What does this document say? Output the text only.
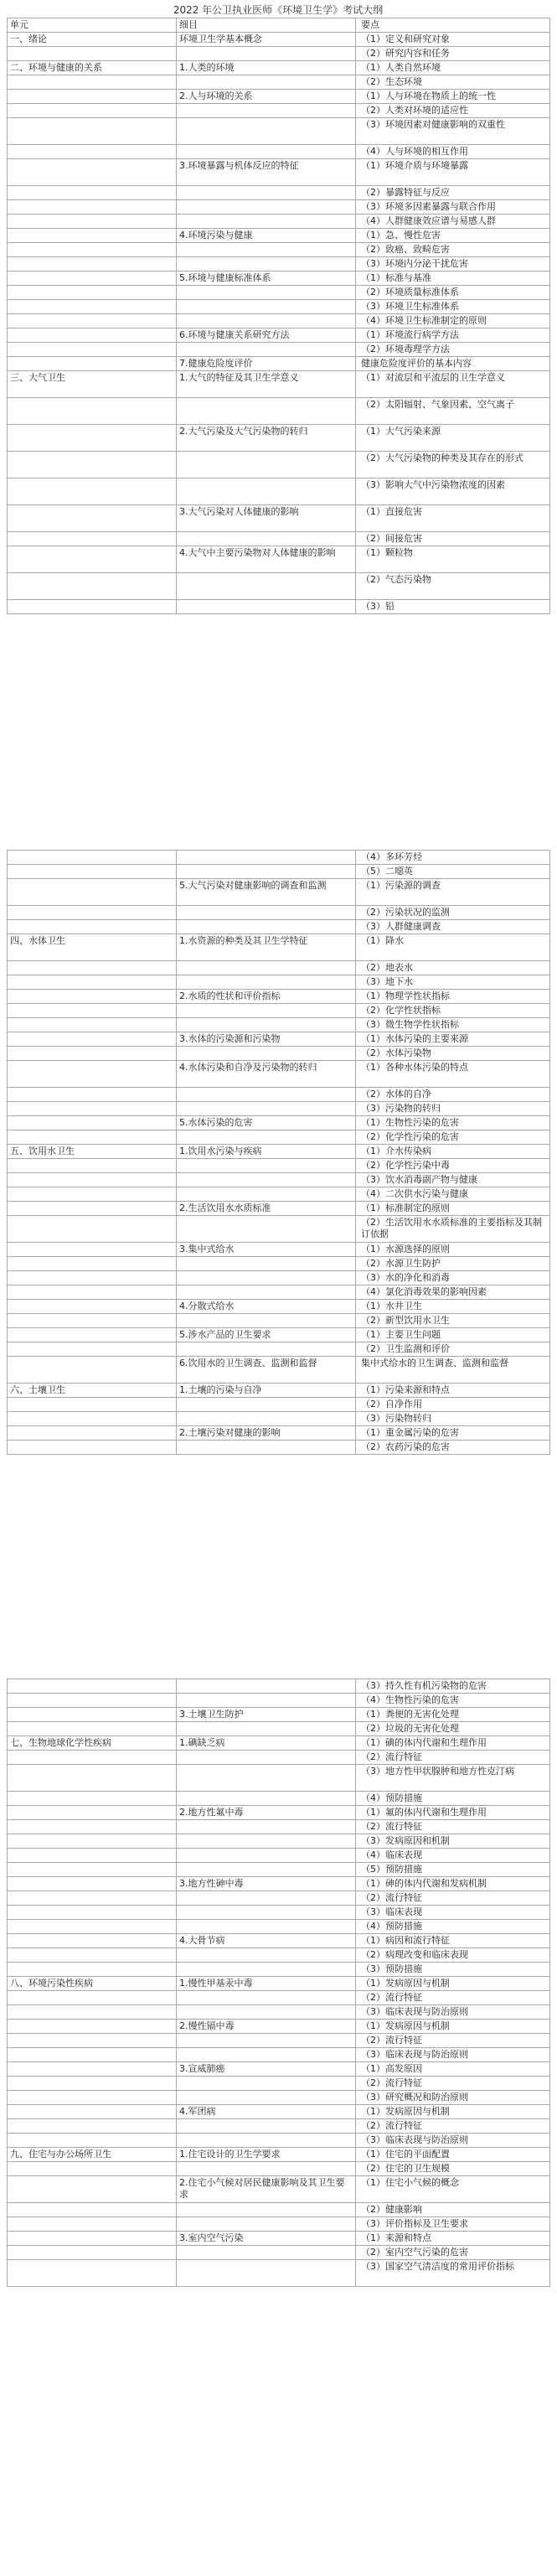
2022 年公卫执业医师《环境卫生学》考试大纲
单元	细目	要点
一、绪论	环境卫生学基本概念	（1）定义和研究对象
		（2）研究内容和任务
二、环境与健康的关系	1.人类的环境	（1）人类自然环境
		（2）生态环境
	2.人与环境的关系	（1）人与环境在物质上的统一性
		（2）人类对环境的适应性
		（3）环境因素对健康影响的双重性
		（4）人与环境的相互作用
	3.环境暴露与机体反应的特征	（1）环境介质与环境暴露
		（2）暴露特征与反应
		（3）环境多因素暴露与联合作用
		（4）人群健康效应谱与易感人群
	4.环境污染与健康	（1）急、慢性危害
		（2）致癌、致畸危害
		（3）环境内分泌干扰危害
	5.环境与健康标准体系	（1）标准与基准
		（2）环境质量标准体系
		（3）环境卫生标准体系
		（4）环境卫生标准制定的原则
	6.环境与健康关系研究方法	（1）环境流行病学方法
		（2）环境毒理学方法
	7.健康危险度评价	健康危险度评价的基本内容
三、大气卫生	1.大气的特征及其卫生学意义	（1）对流层和平流层的卫生学意义
		（2）太阳辐射、气象因素、空气离子
	2.大气污染及大气污染物的转归	（1）大气污染来源
		（2）大气污染物的种类及其存在的形式
		（3）影响大气中污染物浓度的因素
	3.大气污染对人体健康的影响	（1）直接危害
		（2）间接危害
	4.大气中主要污染物对人体健康的影响	（1）颗粒物
		（2）气态污染物
		（3）铅
		（4）多环芳烃
		（5）二噁英
	5.大气污染对健康影响的调查和监测	（1）污染源的调查
		（2）污染状况的监测
		（3）人群健康调查
四、水体卫生	1.水资源的种类及其卫生学特征	（1）降水
		（2）地表水
		（3）地下水
	2.水质的性状和评价指标	（1）物理学性状指标
		（2）化学性状指标
		（3）微生物学性状指标
	3.水体的污染源和污染物	（1）水体污染的主要来源
		（2）水体污染物
	4.水体污染和自净及污染物的转归	（1）各种水体污染的特点
		（2）水体的自净
		（3）污染物的转归
	5.水体污染的危害	（1）生物性污染的危害
		（2）化学性污染的危害
五、饮用水卫生	1.饮用水污染与疾病	（1）介水传染病
		（2）化学性污染中毒
		（3）饮水消毒副产物与健康
		（4）二次供水污染与健康
	2.生活饮用水水质标准	（1）标准制定的原则
		（2）生活饮用水水质标准的主要指标及其制订依据
	3.集中式给水	（1）水源选择的原则
		（2）水源卫生防护
		（3）水的净化和消毒
		（4）氯化消毒效果的影响因素
	4.分散式给水	（1）水井卫生
		（2）新型饮用水卫生
	5.涉水产品的卫生要求	（1）主要卫生问题
		（2）卫生监测和评价
	6.饮用水的卫生调查、监测和监督	集中式给水的卫生调查、监测和监督
六、土壤卫生	1.土壤的污染与自净	（1）污染来源和特点
		（2）自净作用
		（3）污染物转归
	2.土壤污染对健康的影响	（1）重金属污染的危害
		（2）农药污染的危害
		（3）持久性有机污染物的危害
		（4）生物性污染的危害
	3.土壤卫生防护	（1）粪便的无害化处理
		（2）垃圾的无害化处理
七、生物地球化学性疾病	1.碘缺乏病	（1）碘的体内代谢和生理作用
		（2）流行特征
		（3）地方性甲状腺肿和地方性克汀病
		（4）预防措施
	2.地方性氟中毒	（1）氟的体内代谢和生理作用
		（2）流行特征
		（3）发病原因和机制
		（4）临床表现
		（5）预防措施
	3.地方性砷中毒	（1）砷的体内代谢和发病机制
		（2）流行特征
		（3）临床表现
		（4）预防措施
	4.大骨节病	（1）病因和流行特征
		（2）病理改变和临床表现
		（3）预防措施
八、环境污染性疾病	1.慢性甲基汞中毒	（1）发病原因与机制
		（2）流行特征
		（3）临床表现与防治原则
	2.慢性镉中毒	（1）发病原因与机制
		（2）流行特征
		（3）临床表现与防治原则
	3.宣威肺癌	（1）高发原因
		（2）流行特征
		（3）研究概况和防治原则
	4.军团病	（1）发病原因与机制
		（2）流行特征
		（3）临床表现与防治原则
九、住宅与办公场所卫生	1.住宅设计的卫生学要求	（1）住宅的平面配置
		（2）住宅的卫生规模
	2.住宅小气候对居民健康影响及其卫生要求	（1）住宅小气候的概念
		（2）健康影响
		（3）评价指标及卫生要求
	3.室内空气污染	（1）来源和特点
		（2）室内空气污染的危害
		（3）国家空气清洁度的常用评价指标
